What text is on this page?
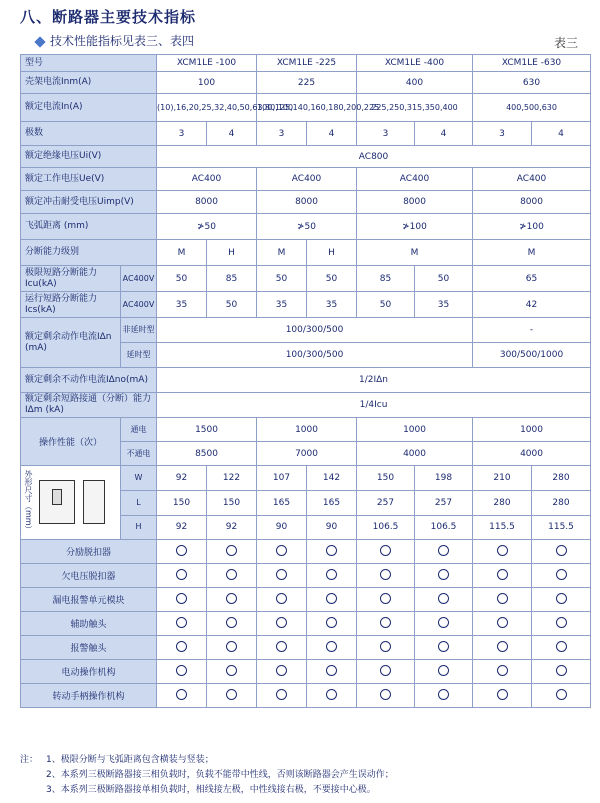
八、断路器主要技术指标
技术性能指标见表三、表四	表三
型号		XCM1LE -100		XCM1LE -225		XCM1LE -400		XCM1LE -630	
壳架电流Inm(A)		100		225		400		630	
额定电流In(A)		(10),16,20,25,32,40,50,63,80,100		100,125,140,160,180,200,225		225,250,315,350,400		400,500,630	
极数		3	4	3	4	3	4	3	4
额定绝缘电压Ui(V)		AC800							
额定工作电压Ue(V)		AC400		AC400		AC400		AC400	
额定冲击耐受电压Uimp(V)		8000		8000		8000		8000	
飞弧距离 (mm)		≯50		≯50		≯100		≯100	
分断能力级别		M	H	M	H	M		M	
极限短路分断能力Icu(kA)	AC400V	50	85	50	50	85	50	65	
运行短路分断能力Ics(kA)	AC400V	35	50	35	35	50	35	42	
额定剩余动作电流IΔn (mA)	非延时型	100/300/500						-	
	延时型	100/300/500						300/500/1000	
额定剩余不动作电流IΔno(mA)		1/2IΔn							
额定剩余短路接通（分断）能力IΔm (kA)		1/4Icu							
操作性能（次）	通电	1500		1000		1000		1000	
	不通电	8500		7000		4000		4000	

外形尺寸（mm）	W	92	122	107	142	150	198	210	280
	L	150	150	165	165	257	257	280	280
	H	92	92	90	90	106.5	106.5	115.5	115.5
分励脱扣器									
欠电压脱扣器									
漏电报警单元模块									
辅助触头									
报警触头									
电动操作机构									
转动手柄操作机构									
注： 1、极限分断与飞弧距离包含横装与竖装；
2、本系列三极断路器接三相负载时，负载不能带中性线，否则该断路器会产生误动作；
3、本系列三极断路器接单相负载时，相线接左极，中性线接右极，不要接中心极。
